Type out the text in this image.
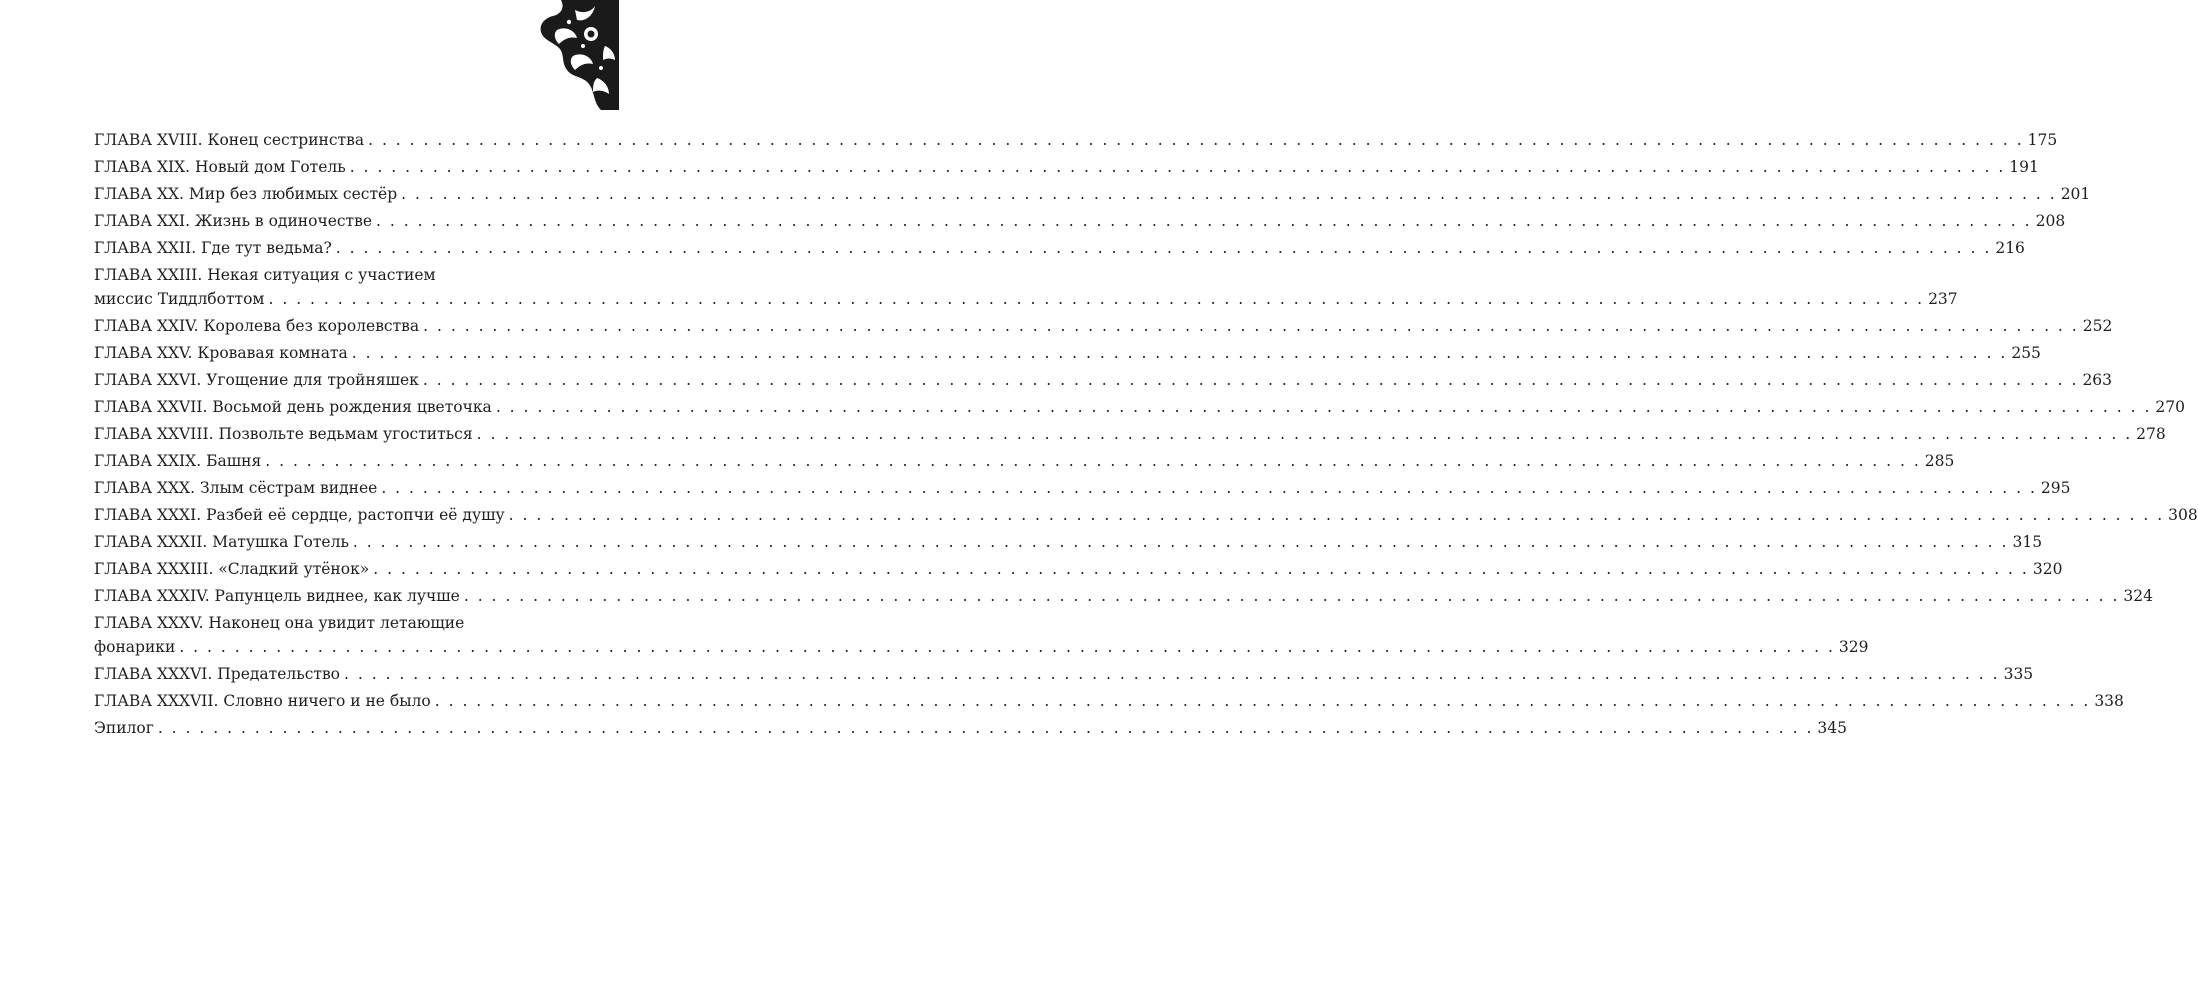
ГЛАВА XVIII. Конец сестринства . . . . . . . . . . . . . . . . . . . . . . . . . . . . . . . . . . . . . . . . . . . . . . . . . . . . . . . . . . . . . . . . . . . . . . . . . . . . . . . . . . . . . . . . . . . . . . . . . . . . . . . . . . . . . . . . . . . . . . . . 175
ГЛАВА XIX. Новый дом Готель . . . . . . . . . . . . . . . . . . . . . . . . . . . . . . . . . . . . . . . . . . . . . . . . . . . . . . . . . . . . . . . . . . . . . . . . . . . . . . . . . . . . . . . . . . . . . . . . . . . . . . . . . . . . . . . . . . . . . . . . 191
ГЛАВА XX. Мир без любимых сестёр . . . . . . . . . . . . . . . . . . . . . . . . . . . . . . . . . . . . . . . . . . . . . . . . . . . . . . . . . . . . . . . . . . . . . . . . . . . . . . . . . . . . . . . . . . . . . . . . . . . . . . . . . . . . . . . . . . . . . . . . 201
ГЛАВА XXI. Жизнь в одиночестве . . . . . . . . . . . . . . . . . . . . . . . . . . . . . . . . . . . . . . . . . . . . . . . . . . . . . . . . . . . . . . . . . . . . . . . . . . . . . . . . . . . . . . . . . . . . . . . . . . . . . . . . . . . . . . . . . . . . . . . . 208
ГЛАВА XXII. Где тут ведьма? . . . . . . . . . . . . . . . . . . . . . . . . . . . . . . . . . . . . . . . . . . . . . . . . . . . . . . . . . . . . . . . . . . . . . . . . . . . . . . . . . . . . . . . . . . . . . . . . . . . . . . . . . . . . . . . . . . . . . . . . 216
ГЛАВА XXIII. Некая ситуация с участием
миссис Тиддлботтом . . . . . . . . . . . . . . . . . . . . . . . . . . . . . . . . . . . . . . . . . . . . . . . . . . . . . . . . . . . . . . . . . . . . . . . . . . . . . . . . . . . . . . . . . . . . . . . . . . . . . . . . . . . . . . . . . . . . . . . . 237
ГЛАВА XXIV. Королева без королевства . . . . . . . . . . . . . . . . . . . . . . . . . . . . . . . . . . . . . . . . . . . . . . . . . . . . . . . . . . . . . . . . . . . . . . . . . . . . . . . . . . . . . . . . . . . . . . . . . . . . . . . . . . . . . . . . . . . . . . . . 252
ГЛАВА XXV. Кровавая комната . . . . . . . . . . . . . . . . . . . . . . . . . . . . . . . . . . . . . . . . . . . . . . . . . . . . . . . . . . . . . . . . . . . . . . . . . . . . . . . . . . . . . . . . . . . . . . . . . . . . . . . . . . . . . . . . . . . . . . . . 255
ГЛАВА XXVI. Угощение для тройняшек . . . . . . . . . . . . . . . . . . . . . . . . . . . . . . . . . . . . . . . . . . . . . . . . . . . . . . . . . . . . . . . . . . . . . . . . . . . . . . . . . . . . . . . . . . . . . . . . . . . . . . . . . . . . . . . . . . . . . . . . 263
ГЛАВА XXVII. Восьмой день рождения цветочка . . . . . . . . . . . . . . . . . . . . . . . . . . . . . . . . . . . . . . . . . . . . . . . . . . . . . . . . . . . . . . . . . . . . . . . . . . . . . . . . . . . . . . . . . . . . . . . . . . . . . . . . . . . . . . . . . . . . . . . . 270
ГЛАВА XXVIII. Позвольте ведьмам угоститься . . . . . . . . . . . . . . . . . . . . . . . . . . . . . . . . . . . . . . . . . . . . . . . . . . . . . . . . . . . . . . . . . . . . . . . . . . . . . . . . . . . . . . . . . . . . . . . . . . . . . . . . . . . . . . . . . . . . . . . . 278
ГЛАВА XXIX. Башня . . . . . . . . . . . . . . . . . . . . . . . . . . . . . . . . . . . . . . . . . . . . . . . . . . . . . . . . . . . . . . . . . . . . . . . . . . . . . . . . . . . . . . . . . . . . . . . . . . . . . . . . . . . . . . . . . . . . . . . . 285
ГЛАВА XXX. Злым сёстрам виднее . . . . . . . . . . . . . . . . . . . . . . . . . . . . . . . . . . . . . . . . . . . . . . . . . . . . . . . . . . . . . . . . . . . . . . . . . . . . . . . . . . . . . . . . . . . . . . . . . . . . . . . . . . . . . . . . . . . . . . . . 295
ГЛАВА XXXI. Разбей её сердце, растопчи её душу . . . . . . . . . . . . . . . . . . . . . . . . . . . . . . . . . . . . . . . . . . . . . . . . . . . . . . . . . . . . . . . . . . . . . . . . . . . . . . . . . . . . . . . . . . . . . . . . . . . . . . . . . . . . . . . . . . . . . . . . 308
ГЛАВА XXXII. Матушка Готель . . . . . . . . . . . . . . . . . . . . . . . . . . . . . . . . . . . . . . . . . . . . . . . . . . . . . . . . . . . . . . . . . . . . . . . . . . . . . . . . . . . . . . . . . . . . . . . . . . . . . . . . . . . . . . . . . . . . . . . . 315
ГЛАВА XXXIII. «Сладкий утёнок» . . . . . . . . . . . . . . . . . . . . . . . . . . . . . . . . . . . . . . . . . . . . . . . . . . . . . . . . . . . . . . . . . . . . . . . . . . . . . . . . . . . . . . . . . . . . . . . . . . . . . . . . . . . . . . . . . . . . . . . . 320
ГЛАВА XXXIV. Рапунцель виднее, как лучше . . . . . . . . . . . . . . . . . . . . . . . . . . . . . . . . . . . . . . . . . . . . . . . . . . . . . . . . . . . . . . . . . . . . . . . . . . . . . . . . . . . . . . . . . . . . . . . . . . . . . . . . . . . . . . . . . . . . . . . . 324
ГЛАВА XXXV. Наконец она увидит летающие
фонарики . . . . . . . . . . . . . . . . . . . . . . . . . . . . . . . . . . . . . . . . . . . . . . . . . . . . . . . . . . . . . . . . . . . . . . . . . . . . . . . . . . . . . . . . . . . . . . . . . . . . . . . . . . . . . . . . . . . . . . . . 329
ГЛАВА XXXVI. Предательство . . . . . . . . . . . . . . . . . . . . . . . . . . . . . . . . . . . . . . . . . . . . . . . . . . . . . . . . . . . . . . . . . . . . . . . . . . . . . . . . . . . . . . . . . . . . . . . . . . . . . . . . . . . . . . . . . . . . . . . . 335
ГЛАВА XXXVII. Словно ничего и не было . . . . . . . . . . . . . . . . . . . . . . . . . . . . . . . . . . . . . . . . . . . . . . . . . . . . . . . . . . . . . . . . . . . . . . . . . . . . . . . . . . . . . . . . . . . . . . . . . . . . . . . . . . . . . . . . . . . . . . . . 338
Эпилог . . . . . . . . . . . . . . . . . . . . . . . . . . . . . . . . . . . . . . . . . . . . . . . . . . . . . . . . . . . . . . . . . . . . . . . . . . . . . . . . . . . . . . . . . . . . . . . . . . . . . . . . . . . . . . . . . . . . . . . . 345
